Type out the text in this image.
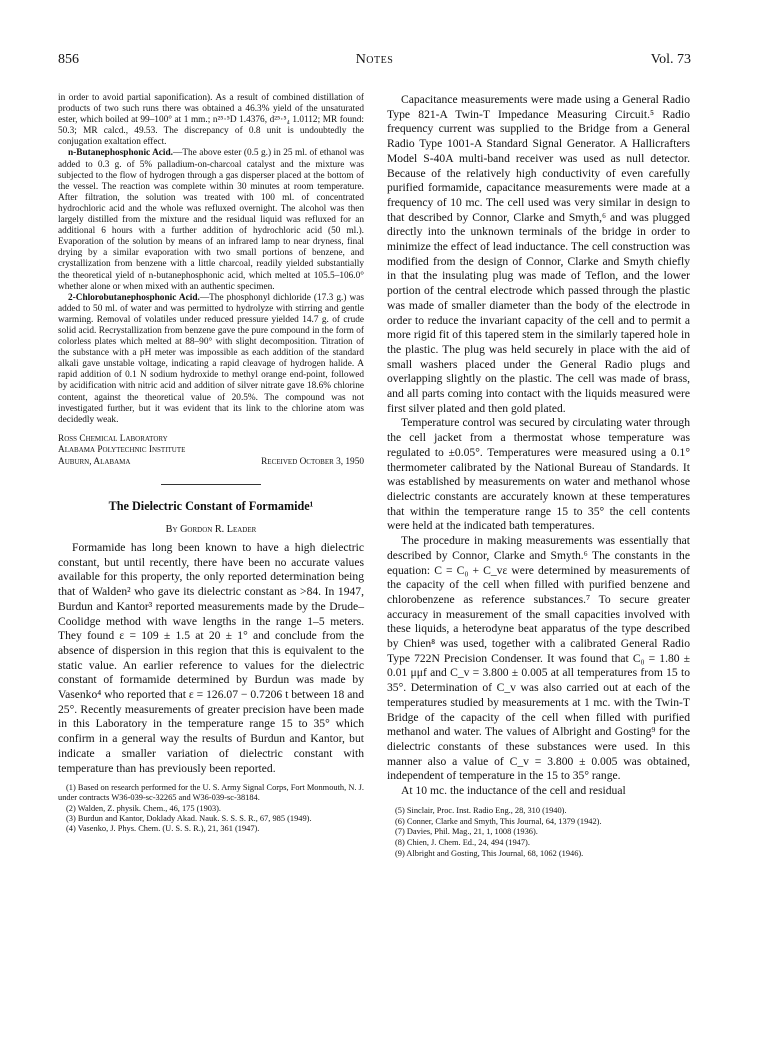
856	Notes	Vol. 73

in order to avoid partial saponification). As a result of combined distillation of products of two such runs there was obtained a 46.3% yield of the unsaturated ester, which boiled at 99–100° at 1 mm.; n²⁵·⁵D 1.4376, d²⁵·⁵₄ 1.0112; MR found: 50.3; MR calcd., 49.53. The discrepancy of 0.8 unit is undoubtedly the conjugation exaltation effect.

n-Butanephosphonic Acid.—The above ester (0.5 g.) in 25 ml. of ethanol was added to 0.3 g. of 5% palladium-on-charcoal catalyst and the mixture was subjected to the flow of hydrogen through a gas disperser placed at the bottom of the vessel. The reaction was complete within 30 minutes at room temperature. After filtration, the solution was treated with 100 ml. of concentrated hydrochloric acid and the whole was refluxed overnight. The alcohol was then largely distilled from the mixture and the residual liquid was refluxed for an additional 6 hours with a further addition of hydrochloric acid (50 ml.). Evaporation of the solution by means of an infrared lamp to near dryness, final drying by a similar evaporation with two small portions of benzene, and crystallization from benzene with a little charcoal, readily yielded substantially the theoretical yield of n-butanephosphonic acid, which melted at 105.5–106.0° whether alone or when mixed with an authentic specimen.

2-Chlorobutanephosphonic Acid.—The phosphonyl dichloride (17.3 g.) was added to 50 ml. of water and was permitted to hydrolyze with stirring and gentle warming. Removal of volatiles under reduced pressure yielded 14.7 g. of crude solid acid. Recrystallization from benzene gave the pure compound in the form of colorless plates which melted at 88–90° with slight decomposition. Titration of the substance with a pH meter was impossible as each addition of the standard alkali gave unstable voltage, indicating a rapid cleavage of hydrogen halide. A rapid addition of 0.1 N sodium hydroxide to methyl orange end-point, followed by acidification with nitric acid and addition of silver nitrate gave 18.6% chlorine content, against the theoretical value of 20.5%. The compound was not investigated further, but it was evident that its link to the chlorine atom was decidedly weak.

Ross Chemical Laboratory
Alabama Polytechnic Institute
Auburn, Alabama	Received October 3, 1950
The Dielectric Constant of Formamide¹
By Gordon R. Leader

Formamide has long been known to have a high dielectric constant, but until recently, there have been no accurate values available for this property, the only reported determination being that of Walden² who gave its dielectric constant as >84. In 1947, Burdun and Kantor³ reported measurements made by the Drude–Coolidge method with wave lengths in the range 1–5 meters. They found ε = 109 ± 1.5 at 20 ± 1° and conclude from the absence of dispersion in this region that this is equivalent to the static value. An earlier reference to values for the dielectric constant of formamide determined by Burdun was made by Vasenko⁴ who reported that ε = 126.07 − 0.7206 t between 18 and 25°. Recently measurements of greater precision have been made in this Laboratory in the temperature range 15 to 35° which confirm in a general way the results of Burdun and Kantor, but indicate a smaller variation of dielectric constant with temperature than has previously been reported.

(1) Based on research performed for the U. S. Army Signal Corps, Fort Monmouth, N. J. under contracts W36-039-sc-32265 and W36-039-sc-38184.
(2) Walden, Z. physik. Chem., 46, 175 (1903).
(3) Burdun and Kantor, Doklady Akad. Nauk. S. S. S. R., 67, 985 (1949).
(4) Vasenko, J. Phys. Chem. (U. S. S. R.), 21, 361 (1947).

Capacitance measurements were made using a General Radio Type 821-A Twin-T Impedance Measuring Circuit.⁵ Radio frequency current was supplied to the Bridge from a General Radio Type 1001-A Standard Signal Generator. A Hallicrafters Model S-40A multi-band receiver was used as null detector. Because of the relatively high conductivity of even carefully purified formamide, capacitance measurements were made at a frequency of 10 mc. The cell used was very similar in design to that described by Connor, Clarke and Smyth,⁶ and was plugged directly into the unknown terminals of the bridge in order to minimize the effect of lead inductance. The cell construction was modified from the design of Connor, Clarke and Smyth chiefly in that the insulating plug was made of Teflon, and the lower portion of the central electrode which passed through the plastic was made of smaller diameter than the body of the electrode in order to reduce the invariant capacity of the cell and to permit a more rigid fit of this tapered stem in the similarly tapered hole in the plastic. The plug was held securely in place with the aid of small washers placed under the General Radio plugs and overlapping slightly on the plastic. The cell was made of brass, and all parts coming into contact with the liquids measured were first silver plated and then gold plated.

Temperature control was secured by circulating water through the cell jacket from a thermostat whose temperature was regulated to ±0.05°. Temperatures were measured using a 0.1° thermometer calibrated by the National Bureau of Standards. It was established by measurements on water and methanol whose dielectric constants are accurately known at these temperatures that within the temperature range 15 to 35° the cell contents were held at the indicated bath temperatures.

The procedure in making measurements was essentially that described by Connor, Clarke and Smyth.⁶ The constants in the equation: C = C₀ + C_vε were determined by measurements of the capacity of the cell when filled with purified benzene and chlorobenzene as reference substances.⁷ To secure greater accuracy in measurement of the small capacities involved with these liquids, a heterodyne beat apparatus of the type described by Chien⁸ was used, together with a calibrated General Radio Type 722N Precision Condenser. It was found that C₀ = 1.80 ± 0.01 μμf and C_v = 3.800 ± 0.005 at all temperatures from 15 to 35°. Determination of C_v was also carried out at each of the temperatures studied by measurements at 1 mc. with the Twin-T Bridge of the capacity of the cell when filled with purified methanol and water. The values of Albright and Gosting⁹ for the dielectric constants of these substances were used. In this manner also a value of C_v = 3.800 ± 0.005 was obtained, independent of temperature in the 15 to 35° range.

At 10 mc. the inductance of the cell and residual

(5) Sinclair, Proc. Inst. Radio Eng., 28, 310 (1940).
(6) Conner, Clarke and Smyth, This Journal, 64, 1379 (1942).
(7) Davies, Phil. Mag., 21, 1, 1008 (1936).
(8) Chien, J. Chem. Ed., 24, 494 (1947).
(9) Albright and Gosting, This Journal, 68, 1062 (1946).
